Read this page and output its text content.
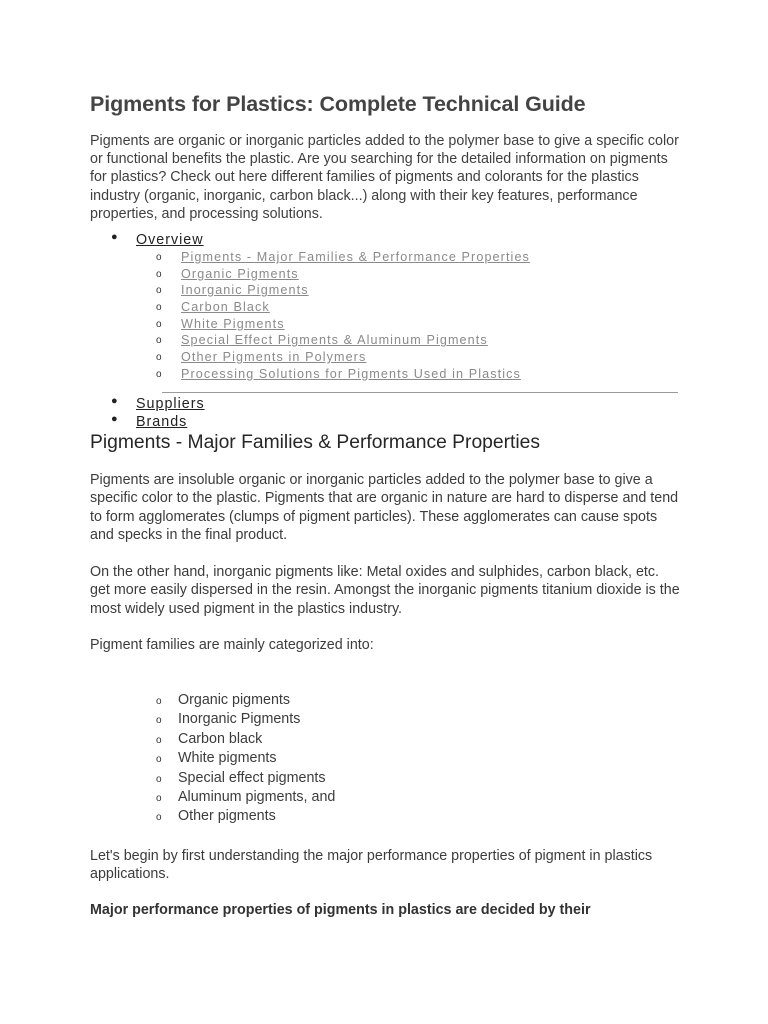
Pigments for Plastics: Complete Technical Guide

Pigments are organic or inorganic particles added to the polymer base to give a specific color or functional benefits the plastic. Are you searching for the detailed information on pigments for plastics? Check out here different families of pigments and colorants for the plastics industry (organic, inorganic, carbon black...) along with their key features, performance properties, and processing solutions.

● Overview
o Pigments - Major Families & Performance Properties
o Organic Pigments
o Inorganic Pigments
o Carbon Black
o White Pigments
o Special Effect Pigments & Aluminum Pigments
o Other Pigments in Polymers
o Processing Solutions for Pigments Used in Plastics
● Suppliers
● Brands
Pigments - Major Families & Performance Properties

Pigments are insoluble organic or inorganic particles added to the polymer base to give a specific color to the plastic. Pigments that are organic in nature are hard to disperse and tend to form agglomerates (clumps of pigment particles). These agglomerates can cause spots and specks in the final product.

On the other hand, inorganic pigments like: Metal oxides and sulphides, carbon black, etc. get more easily dispersed in the resin. Amongst the inorganic pigments titanium dioxide is the most widely used pigment in the plastics industry.

Pigment families are mainly categorized into:

o Organic pigments
o Inorganic Pigments
o Carbon black
o White pigments
o Special effect pigments
o Aluminum pigments, and
o Other pigments

Let's begin by first understanding the major performance properties of pigment in plastics applications.

Major performance properties of pigments in plastics are decided by their
